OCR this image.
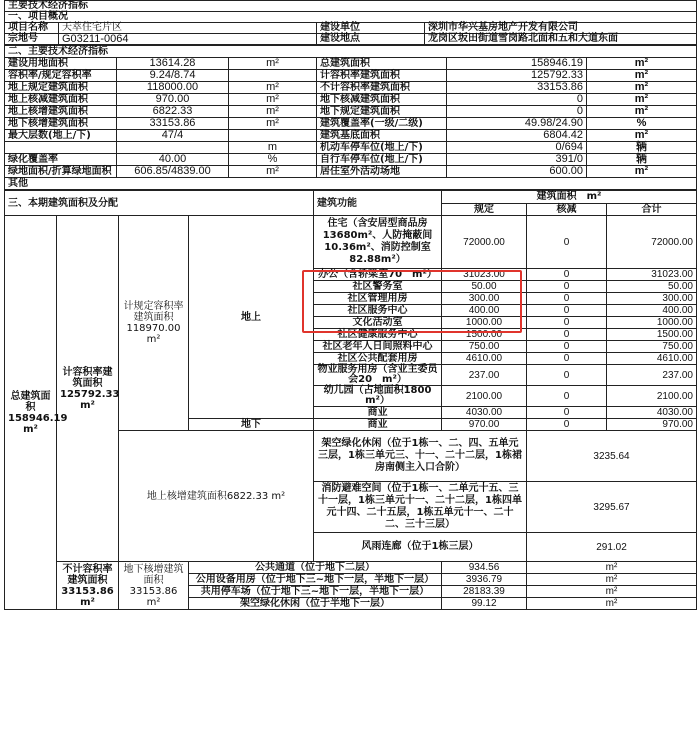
主要技术经济指标			
一、项目概况			
项目名称	天萃住宅片区	建设单位	深圳市华兴基房地产开发有限公司
宗地号	G03211-0064	建设地点	龙岗区坂田街道雪岗路北面和五和大道东面
二、主要技术经济指标					
建设用地面积	13614.28	m²	总建筑面积	158946.19	m²
容积率/规定容积率	9.24/8.74		计容积率建筑面积	125792.33	m²
地上规定建筑面积	118000.00	m²	不计容积率建筑面积	33153.86	m²
地上核减建筑面积	970.00	m²	地下核减建筑面积	0	m²
地上核增建筑面积	6822.33	m²	地下规定建筑面积	0	m²
地下核增建筑面积	33153.86	m²	建筑覆盖率(一级/二级)	49.98/24.90	%
最大层数(地上/下)	47/4		建筑基底面积	6804.42	m²
		m	机动车停车位(地上/下)	0/694	辆
绿化覆盖率	40.00	%	自行车停车位(地上/下)	391/0	辆
绿地面积/折算绿地面积	606.85/4839.00	m²	居住室外活动场地	600.00	m²
其他					
三、本期建筑面积及分配				建筑功能	建筑面积　m²			
					规定	核减	合计	
总建筑面积158946.19 m²	计容积率建筑面积125792.33 m²	计规定容积率建筑面积118970.00 m²	地上	住宅（含安居型商品房13680m²、人防掩蔽间10.36m²、消防控制室82.88m²）	72000.00	0	72000.00	
				办公（含轿梁室70　m²）	31023.00	0	31023.00	
				社区警务室	50.00	0	50.00	
				社区管理用房	300.00	0	300.00	
				社区服务中心	400.00	0	400.00	
				文化活动室	1000.00	0	1000.00	
				社区健康服务中心	1500.00	0	1500.00	
				社区老年人日间照料中心	750.00	0	750.00	
				社区公共配套用房	4610.00	0	4610.00	
				物业服务用房（含业主委员会20　m²）	237.00	0	237.00	
				幼儿园（占地面积1800　m²）	2100.00	0	2100.00	
				商业	4030.00	0	4030.00	
			地下	商业	970.00	0	970.00	
		地上核增建筑面积6822.33 m²		架空绿化休闲（位于1栋一、二、四、五单元三层，1栋三单元三、十一、二十二层，1栋裙房南侧主入口合阶）		3235.64	
				消防避难空间（位于1栋一、二单元十五、三十一层，1栋三单元十一、二十二层，1栋四单元十四、二十五层，1栋五单元十一、二十二、三十三层）		3295.67	
				风雨连廊（位于1栋三层）		291.02	
	不计容积率建筑面积33153.86 m²	地下核增建筑面积33153.86 m²	公共通道（位于地下二层）		934.56	m²		
			公用设备用房（位于地下三~地下一层，半地下一层）		3936.79	m²		
			共用停车场（位于地下三~地下一层，半地下一层）		28183.39	m²		
			架空绿化休闲（位于半地下一层）		99.12	m²		
